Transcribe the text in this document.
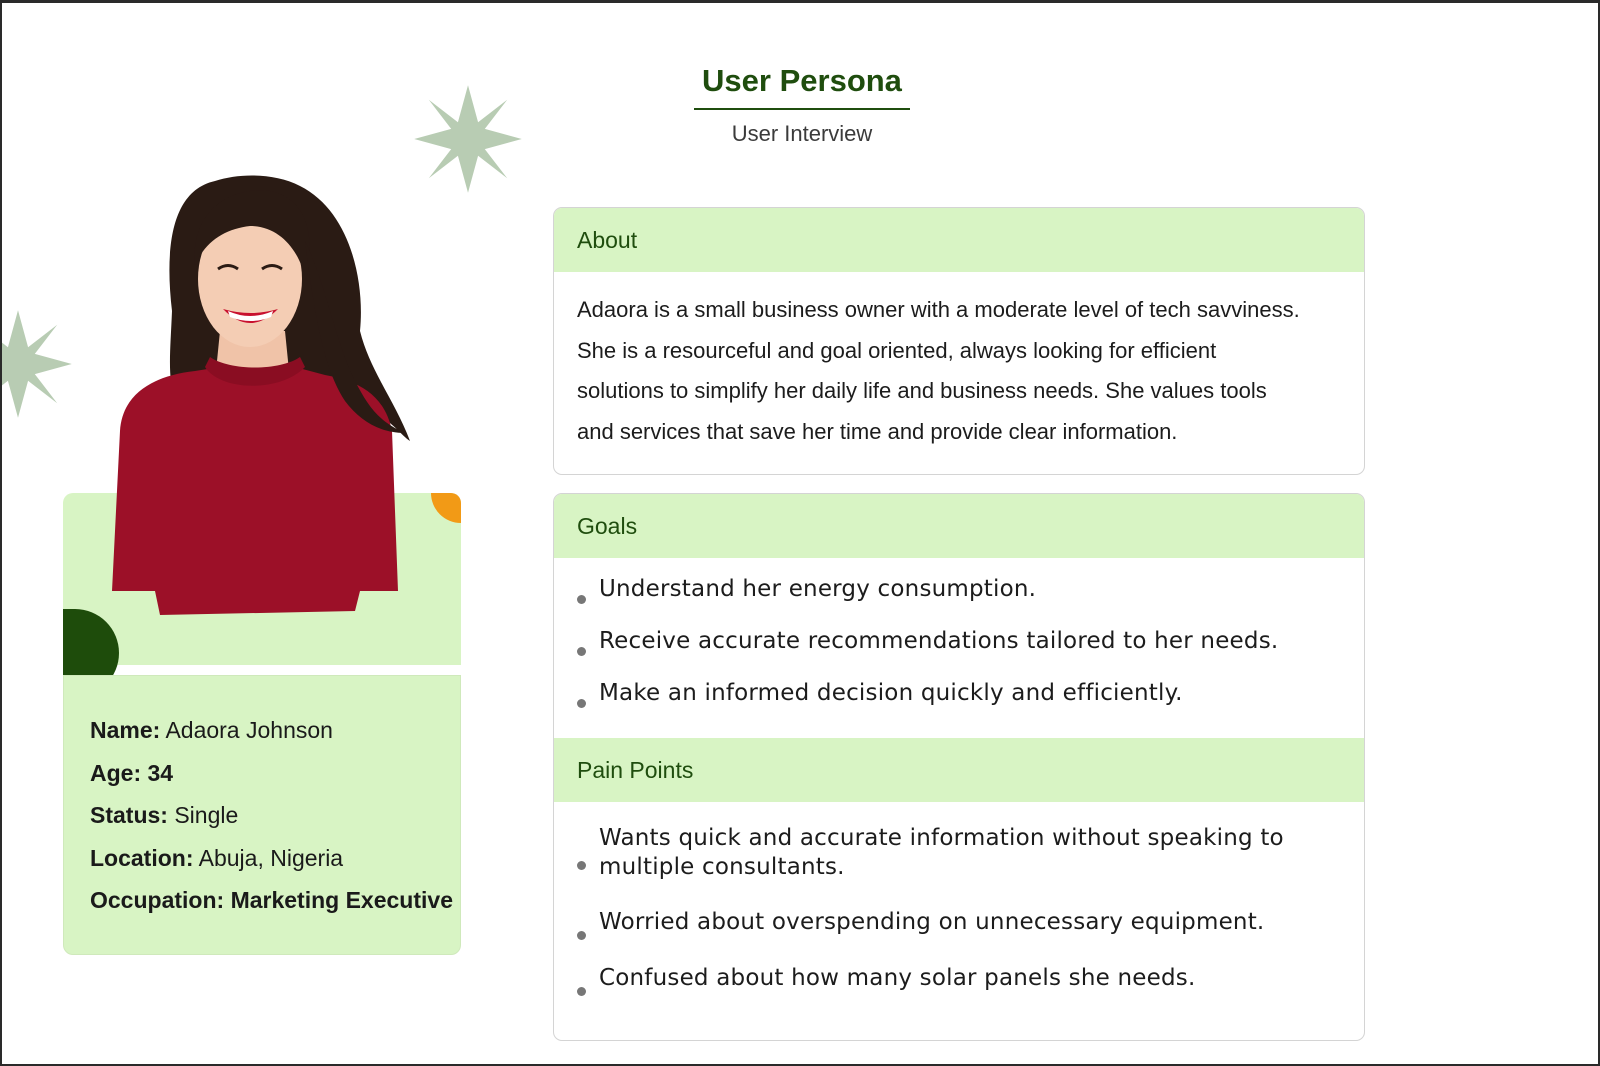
User Persona
User Interview
Name: Adaora Johnson
Age: 34
Status: Single
Location: Abuja, Nigeria
Occupation: Marketing Executive
About
Adaora is a small business owner with a moderate level of tech savviness.
She is a resourceful and goal oriented, always looking for efficient
solutions to simplify her daily life and business needs. She values tools
and services that save her time and provide clear information.
Goals
Understand her energy consumption.
Receive accurate recommendations tailored to her needs.
Make an informed decision quickly and efficiently.
Pain Points
Wants quick and accurate information without speaking to multiple consultants.
Worried about overspending on unnecessary equipment.
Confused about how many solar panels she needs.
